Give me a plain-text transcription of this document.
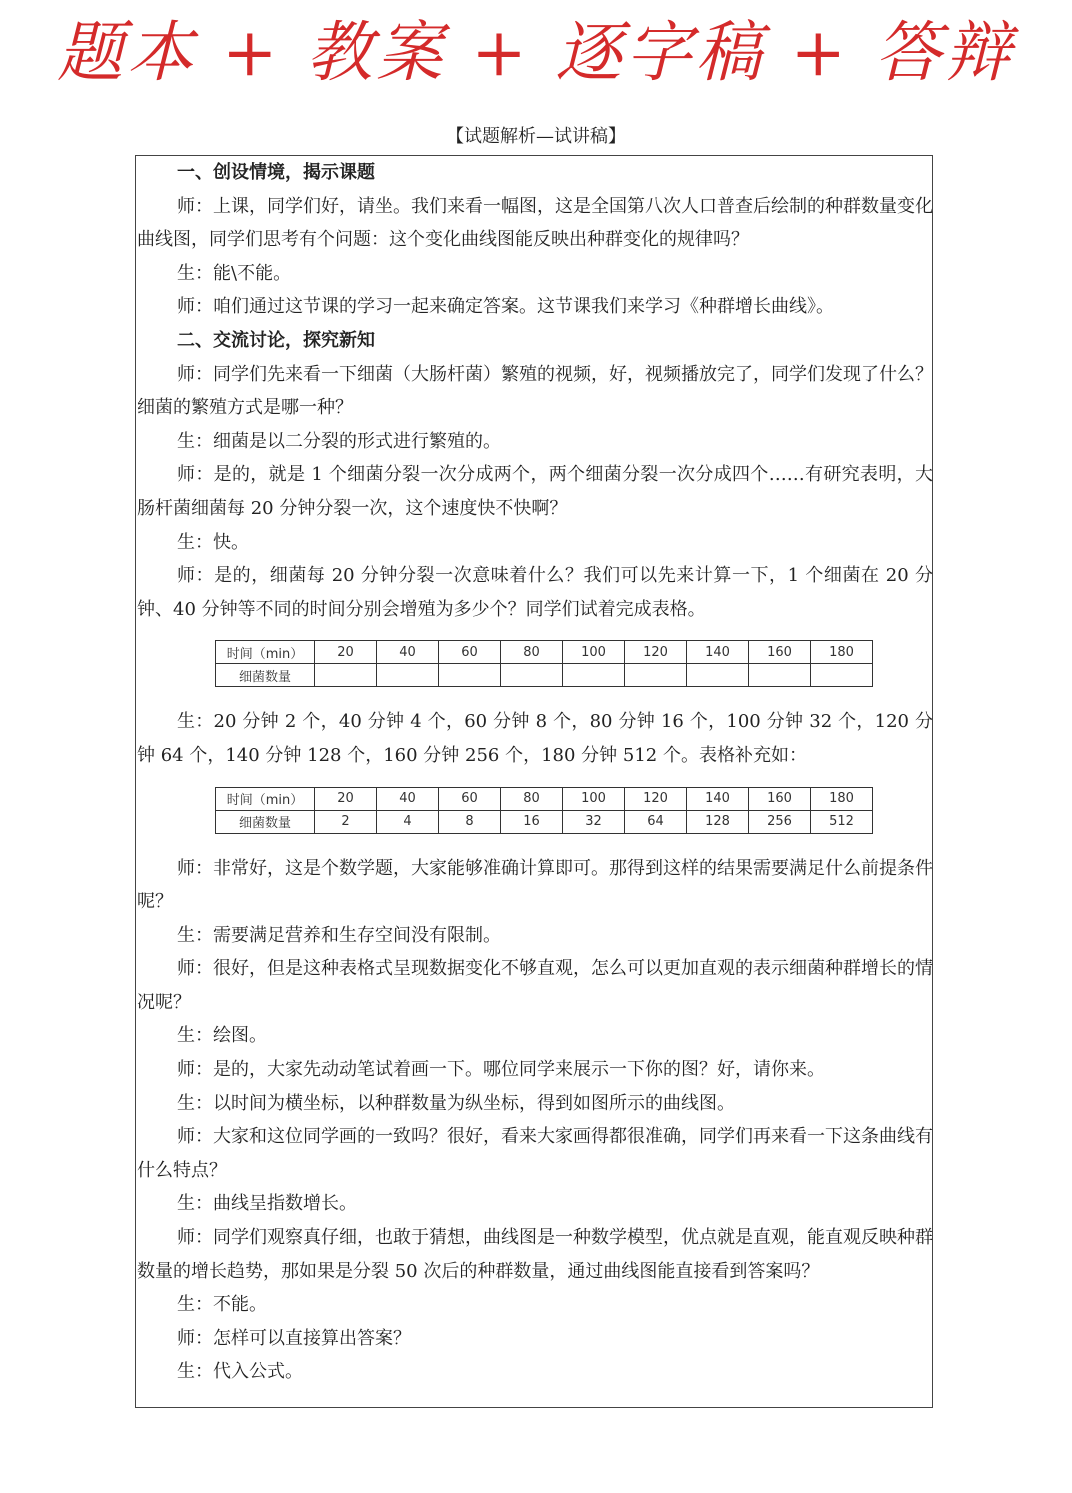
题本 + 教案 + 逐字稿 + 答辩
【试题解析—试讲稿】

一、创设情境，揭示课题

师：上课，同学们好，请坐。我们来看一幅图，这是全国第八次人口普查后绘制的种群数量变化曲线图，同学们思考有个问题：这个变化曲线图能反映出种群变化的规律吗？

生：能\不能。

师：咱们通过这节课的学习一起来确定答案。这节课我们来学习《种群增长曲线》。

二、交流讨论，探究新知

师：同学们先来看一下细菌（大肠杆菌）繁殖的视频，好，视频播放完了，同学们发现了什么？细菌的繁殖方式是哪一种？

生：细菌是以二分裂的形式进行繁殖的。

师：是的，就是 1 个细菌分裂一次分成两个，两个细菌分裂一次分成四个……有研究表明，大肠杆菌细菌每 20 分钟分裂一次，这个速度快不快啊？

生：快。

师：是的，细菌每 20 分钟分裂一次意味着什么？我们可以先来计算一下，1 个细菌在 20 分钟、40 分钟等不同的时间分别会增殖为多少个？同学们试着完成表格。

时间（min）	20	40	60	80	100	120	140	160	180
细菌数量									

生：20 分钟 2 个，40 分钟 4 个，60 分钟 8 个，80 分钟 16 个，100 分钟 32 个，120 分钟 64 个，140 分钟 128 个，160 分钟 256 个，180 分钟 512 个。表格补充如：

时间（min）	20	40	60	80	100	120	140	160	180
细菌数量	2	4	8	16	32	64	128	256	512

师：非常好，这是个数学题，大家能够准确计算即可。那得到这样的结果需要满足什么前提条件呢？

生：需要满足营养和生存空间没有限制。

师：很好，但是这种表格式呈现数据变化不够直观，怎么可以更加直观的表示细菌种群增长的情况呢？

生：绘图。

师：是的，大家先动动笔试着画一下。哪位同学来展示一下你的图？好，请你来。

生：以时间为横坐标，以种群数量为纵坐标，得到如图所示的曲线图。

师：大家和这位同学画的一致吗？很好，看来大家画得都很准确，同学们再来看一下这条曲线有什么特点？

生：曲线呈指数增长。

师：同学们观察真仔细，也敢于猜想，曲线图是一种数学模型，优点就是直观，能直观反映种群数量的增长趋势，那如果是分裂 50 次后的种群数量，通过曲线图能直接看到答案吗？

生：不能。

师：怎样可以直接算出答案？

生：代入公式。
